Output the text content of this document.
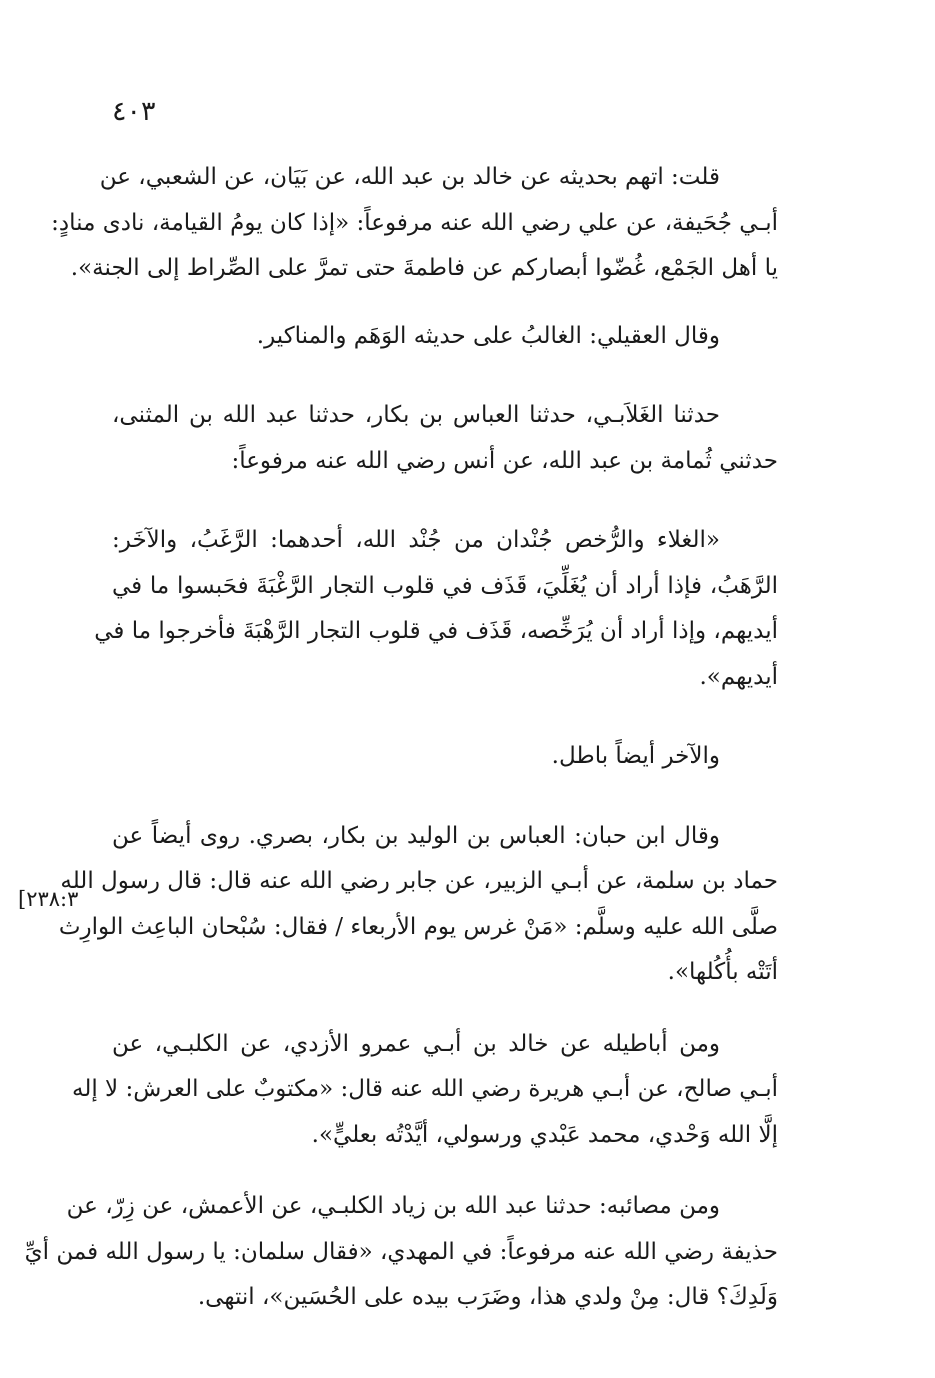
٤٠٣
[٢٣٨:٣

قلت: اتهم بحديثه عن خالد بن عبد الله، عن بَيَان، عن الشعبي، عن
أبـي جُحَيفة، عن علي رضي الله عنه مرفوعاً: «إذا كان يومُ القيامة، نادى منادٍ:
يا أهل الجَمْع، غُضّوا أبصاركم عن فاطمةَ حتى تمرَّ على الصِّراط إلى الجنة».

وقال العقيلي: الغالبُ على حديثه الوَهَم والمناكير.

حدثنا الغَلاَبـي، حدثنا العباس بن بكار، حدثنا عبد الله بن المثنى،
حدثني ثُمامة بن عبد الله، عن أنس رضي الله عنه مرفوعاً:

«الغلاء والرُّخص جُنْدان من جُنْد الله، أحدهما: الرَّغَبُ، والآخَر:
الرَّهَبُ، فإذا أراد أن يُغَلِّيَ، قَذَف في قلوب التجار الرَّغْبَةَ فحَبسوا ما في
أيديهم، وإذا أراد أن يُرَخِّصه، قَذَف في قلوب التجار الرَّهْبَةَ فأخرجوا ما في
أيديهم».

والآخر أيضاً باطل.

وقال ابن حبان: العباس بن الوليد بن بكار، بصري. روى أيضاً عن
حماد بن سلمة، عن أبـي الزبير، عن جابر رضي الله عنه قال: قال رسول الله
صلَّى الله عليه وسلَّم: «مَنْ غرس يوم الأربعاء / فقال: سُبْحان الباعِث الوارِث
أتَتْه بأُكُلها».

ومن أباطيله عن خالد بن أبـي عمرو الأزدي، عن الكلبـي، عن
أبـي صالح، عن أبـي هريرة رضي الله عنه قال: «مكتوبٌ على العرش: لا إله
إلَّا الله وَحْدي، محمد عَبْدي ورسولي، أيَّدْتُه بعليٍّ».

ومن مصائبه: حدثنا عبد الله بن زياد الكلبـي، عن الأعمش، عن زِرّ، عن
حذيفة رضي الله عنه مرفوعاً: في المهدي، «فقال سلمان: يا رسول الله فمن أيِّ
وَلَدِكَ؟ قال: مِنْ ولدي هذا، وضَرَب بيده على الحُسَين»، انتهى.
